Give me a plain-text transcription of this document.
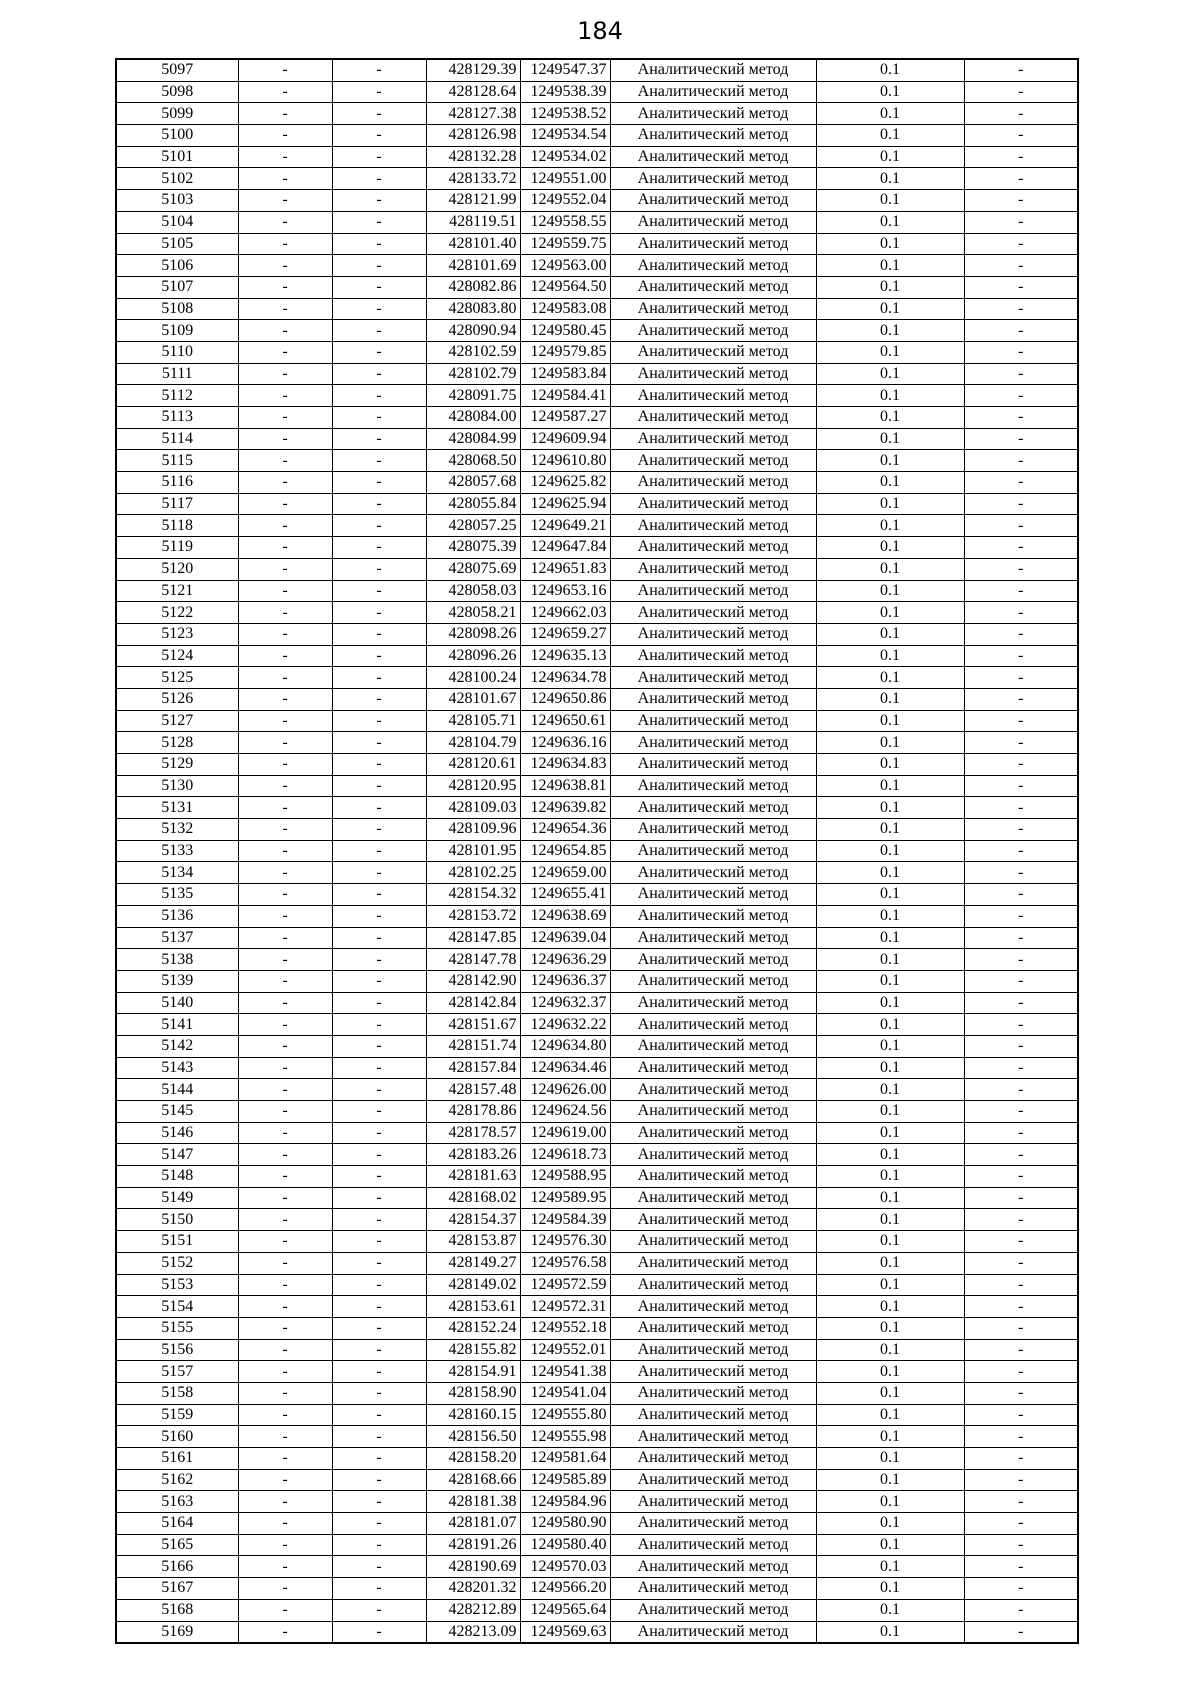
184
5097	-	-	428129.39	1249547.37	Аналитический метод	0.1	-
5098	-	-	428128.64	1249538.39	Аналитический метод	0.1	-
5099	-	-	428127.38	1249538.52	Аналитический метод	0.1	-
5100	-	-	428126.98	1249534.54	Аналитический метод	0.1	-
5101	-	-	428132.28	1249534.02	Аналитический метод	0.1	-
5102	-	-	428133.72	1249551.00	Аналитический метод	0.1	-
5103	-	-	428121.99	1249552.04	Аналитический метод	0.1	-
5104	-	-	428119.51	1249558.55	Аналитический метод	0.1	-
5105	-	-	428101.40	1249559.75	Аналитический метод	0.1	-
5106	-	-	428101.69	1249563.00	Аналитический метод	0.1	-
5107	-	-	428082.86	1249564.50	Аналитический метод	0.1	-
5108	-	-	428083.80	1249583.08	Аналитический метод	0.1	-
5109	-	-	428090.94	1249580.45	Аналитический метод	0.1	-
5110	-	-	428102.59	1249579.85	Аналитический метод	0.1	-
5111	-	-	428102.79	1249583.84	Аналитический метод	0.1	-
5112	-	-	428091.75	1249584.41	Аналитический метод	0.1	-
5113	-	-	428084.00	1249587.27	Аналитический метод	0.1	-
5114	-	-	428084.99	1249609.94	Аналитический метод	0.1	-
5115	-	-	428068.50	1249610.80	Аналитический метод	0.1	-
5116	-	-	428057.68	1249625.82	Аналитический метод	0.1	-
5117	-	-	428055.84	1249625.94	Аналитический метод	0.1	-
5118	-	-	428057.25	1249649.21	Аналитический метод	0.1	-
5119	-	-	428075.39	1249647.84	Аналитический метод	0.1	-
5120	-	-	428075.69	1249651.83	Аналитический метод	0.1	-
5121	-	-	428058.03	1249653.16	Аналитический метод	0.1	-
5122	-	-	428058.21	1249662.03	Аналитический метод	0.1	-
5123	-	-	428098.26	1249659.27	Аналитический метод	0.1	-
5124	-	-	428096.26	1249635.13	Аналитический метод	0.1	-
5125	-	-	428100.24	1249634.78	Аналитический метод	0.1	-
5126	-	-	428101.67	1249650.86	Аналитический метод	0.1	-
5127	-	-	428105.71	1249650.61	Аналитический метод	0.1	-
5128	-	-	428104.79	1249636.16	Аналитический метод	0.1	-
5129	-	-	428120.61	1249634.83	Аналитический метод	0.1	-
5130	-	-	428120.95	1249638.81	Аналитический метод	0.1	-
5131	-	-	428109.03	1249639.82	Аналитический метод	0.1	-
5132	-	-	428109.96	1249654.36	Аналитический метод	0.1	-
5133	-	-	428101.95	1249654.85	Аналитический метод	0.1	-
5134	-	-	428102.25	1249659.00	Аналитический метод	0.1	-
5135	-	-	428154.32	1249655.41	Аналитический метод	0.1	-
5136	-	-	428153.72	1249638.69	Аналитический метод	0.1	-
5137	-	-	428147.85	1249639.04	Аналитический метод	0.1	-
5138	-	-	428147.78	1249636.29	Аналитический метод	0.1	-
5139	-	-	428142.90	1249636.37	Аналитический метод	0.1	-
5140	-	-	428142.84	1249632.37	Аналитический метод	0.1	-
5141	-	-	428151.67	1249632.22	Аналитический метод	0.1	-
5142	-	-	428151.74	1249634.80	Аналитический метод	0.1	-
5143	-	-	428157.84	1249634.46	Аналитический метод	0.1	-
5144	-	-	428157.48	1249626.00	Аналитический метод	0.1	-
5145	-	-	428178.86	1249624.56	Аналитический метод	0.1	-
5146	-	-	428178.57	1249619.00	Аналитический метод	0.1	-
5147	-	-	428183.26	1249618.73	Аналитический метод	0.1	-
5148	-	-	428181.63	1249588.95	Аналитический метод	0.1	-
5149	-	-	428168.02	1249589.95	Аналитический метод	0.1	-
5150	-	-	428154.37	1249584.39	Аналитический метод	0.1	-
5151	-	-	428153.87	1249576.30	Аналитический метод	0.1	-
5152	-	-	428149.27	1249576.58	Аналитический метод	0.1	-
5153	-	-	428149.02	1249572.59	Аналитический метод	0.1	-
5154	-	-	428153.61	1249572.31	Аналитический метод	0.1	-
5155	-	-	428152.24	1249552.18	Аналитический метод	0.1	-
5156	-	-	428155.82	1249552.01	Аналитический метод	0.1	-
5157	-	-	428154.91	1249541.38	Аналитический метод	0.1	-
5158	-	-	428158.90	1249541.04	Аналитический метод	0.1	-
5159	-	-	428160.15	1249555.80	Аналитический метод	0.1	-
5160	-	-	428156.50	1249555.98	Аналитический метод	0.1	-
5161	-	-	428158.20	1249581.64	Аналитический метод	0.1	-
5162	-	-	428168.66	1249585.89	Аналитический метод	0.1	-
5163	-	-	428181.38	1249584.96	Аналитический метод	0.1	-
5164	-	-	428181.07	1249580.90	Аналитический метод	0.1	-
5165	-	-	428191.26	1249580.40	Аналитический метод	0.1	-
5166	-	-	428190.69	1249570.03	Аналитический метод	0.1	-
5167	-	-	428201.32	1249566.20	Аналитический метод	0.1	-
5168	-	-	428212.89	1249565.64	Аналитический метод	0.1	-
5169	-	-	428213.09	1249569.63	Аналитический метод	0.1	-
